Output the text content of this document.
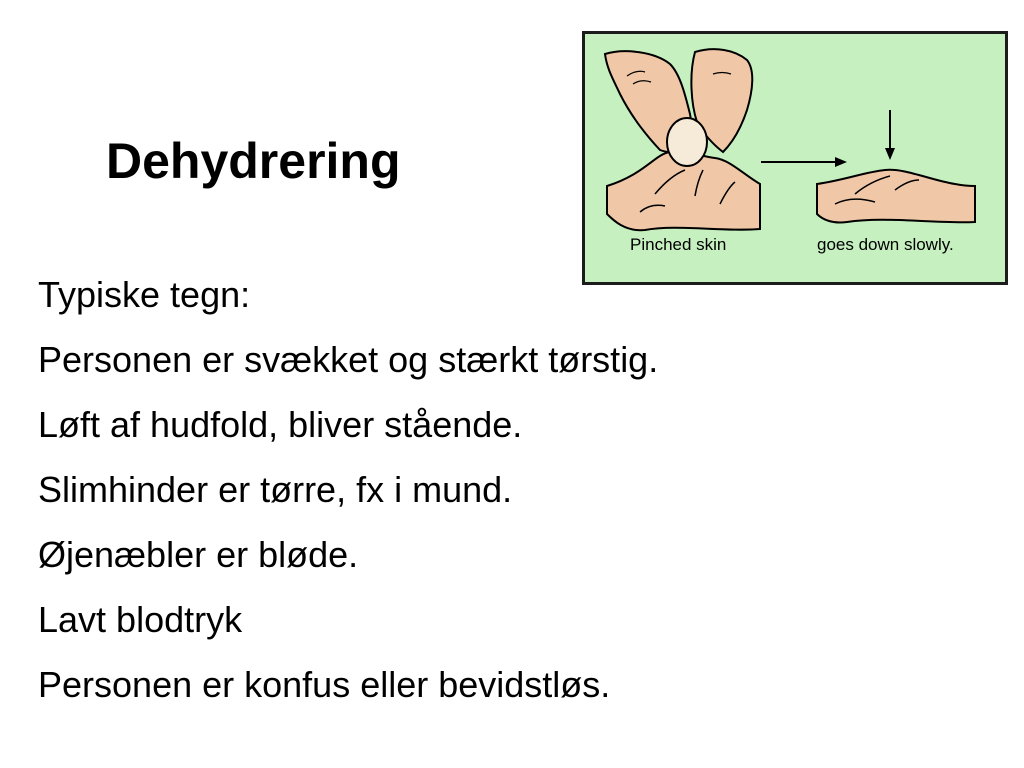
Dehydrering
Pinched skin	goes down slowly.
Typiske tegn:
Personen er svækket og stærkt tørstig.
Løft af hudfold, bliver stående.
Slimhinder er tørre, fx i mund.
Øjenæbler er bløde.
Lavt blodtryk
Personen er konfus eller bevidstløs.
